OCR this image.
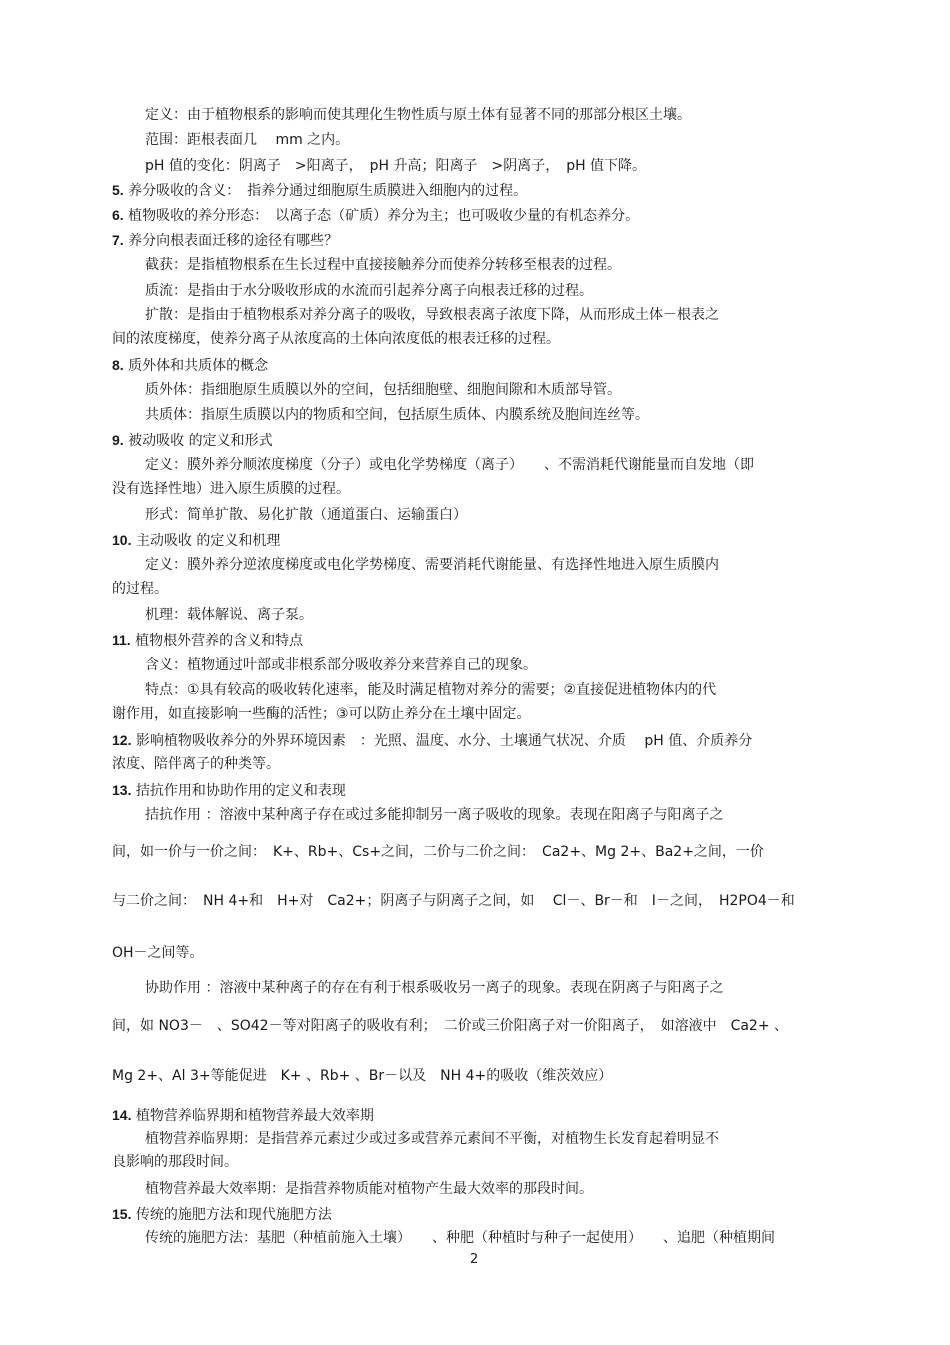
定义：由于植物根系的影响而使其理化生物性质与原土体有显著不同的那部分根区土壤。
范围：距根表面几　 mm 之内。
pH 值的变化：阴离子　>阳离子，　pH 升高；阳离子　>阴离子，　pH 值下降。
5. 养分吸收的含义：　指养分通过细胞原生质膜进入细胞内的过程。
6. 植物吸收的养分形态：　以离子态（矿质）养分为主；也可吸收少量的有机态养分。
7. 养分向根表面迁移的途径有哪些？
截获：是指植物根系在生长过程中直接接触养分而使养分转移至根表的过程。
质流：是指由于水分吸收形成的水流而引起养分离子向根表迁移的过程。
扩散：是指由于植物根系对养分离子的吸收，导致根表离子浓度下降，从而形成土体－根表之
间的浓度梯度，使养分离子从浓度高的土体向浓度低的根表迁移的过程。
8. 质外体和共质体的概念
质外体：指细胞原生质膜以外的空间，包括细胞壁、细胞间隙和木质部导管。
共质体：指原生质膜以内的物质和空间，包括原生质体、内膜系统及胞间连丝等。
9. 被动吸收 的定义和形式
定义：膜外养分顺浓度梯度（分子）或电化学势梯度（离子）　　、不需消耗代谢能量而自发地（即
没有选择性地）进入原生质膜的过程。
形式：简单扩散、易化扩散（通道蛋白、运输蛋白）
10. 主动吸收 的定义和机理
定义：膜外养分逆浓度梯度或电化学势梯度、需要消耗代谢能量、有选择性地进入原生质膜内
的过程。
机理：载体解说、离子泵。
11. 植物根外营养的含义和特点
含义：植物通过叶部或非根系部分吸收养分来营养自己的现象。
特点：①具有较高的吸收转化速率，能及时满足植物对养分的需要；②直接促进植物体内的代
谢作用，如直接影响一些酶的活性；③可以防止养分在土壤中固定。
12. 影响植物吸收养分的外界环境因素　：光照、温度、水分、土壤通气状况、介质　 pH 值、介质养分
浓度、陪伴离子的种类等。
13. 拮抗作用和协助作用的定义和表现
拮抗作用 ：溶液中某种离子存在或过多能抑制另一离子吸收的现象。表现在阳离子与阳离子之
间，如一价与一价之间：　K+、Rb+、Cs+之间，二价与二价之间：　Ca2+、Mg 2+、Ba2+之间，一价
与二价之间：　NH 4+和　H+对　Ca2+；阴离子与阴离子之间，如　 Cl－、Br－和　I－之间，　H2PO4－和
OH－之间等。
协助作用 ：溶液中某种离子的存在有利于根系吸收另一离子的现象。表现在阴离子与阳离子之
间，如 NO3－　、SO42－等对阳离子的吸收有利；　二价或三价阳离子对一价阳离子，　如溶液中　Ca2+ 、
Mg 2+、Al 3+等能促进　K+ 、Rb+ 、Br－以及　NH 4+的吸收（维茨效应）
14. 植物营养临界期和植物营养最大效率期
植物营养临界期：是指营养元素过少或过多或营养元素间不平衡，对植物生长发育起着明显不
良影响的那段时间。
植物营养最大效率期：是指营养物质能对植物产生最大效率的那段时间。
15. 传统的施肥方法和现代施肥方法
传统的施肥方法：基肥（种植前施入土壤）　　、种肥（种植时与种子一起使用）　　、追肥（种植期间
2
